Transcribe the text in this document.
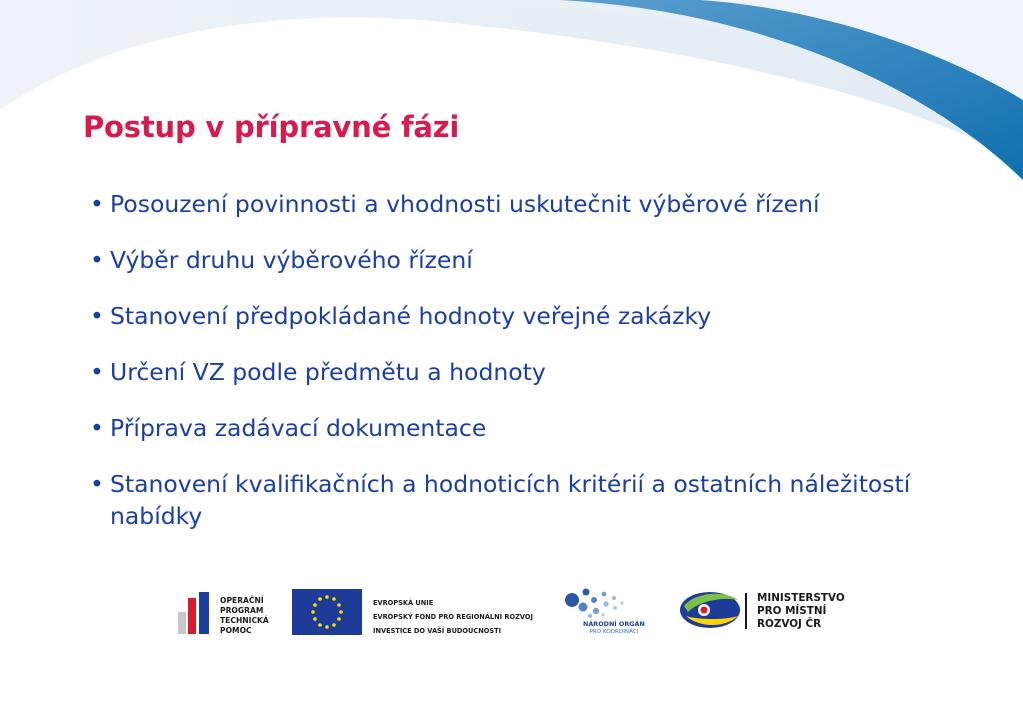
Postup v přípravné fázi
• Posouzení povinnosti a vhodnosti uskutečnit výběrové řízení
• Výběr druhu výběrového řízení
• Stanovení předpokládané hodnoty veřejné zakázky
• Určení VZ podle předmětu a hodnoty
• Příprava zadávací dokumentace
• Stanovení kvalifikačních a hodnoticích kritérií a ostatních náležitostí nabídky
OPERAČNÍ
PROGRAM
TECHNICKÁ
POMOC
EVROPSKÁ UNIE
EVROPSKÝ FOND PRO REGIONÁLNÍ ROZVOJ
INVESTICE DO VAŠÍ BUDOUCNOSTI
NÁRODNÍ ORGÁN
PRO KOORDINACI
MINISTERSTVO
PRO MÍSTNÍ
ROZVOJ ČR
